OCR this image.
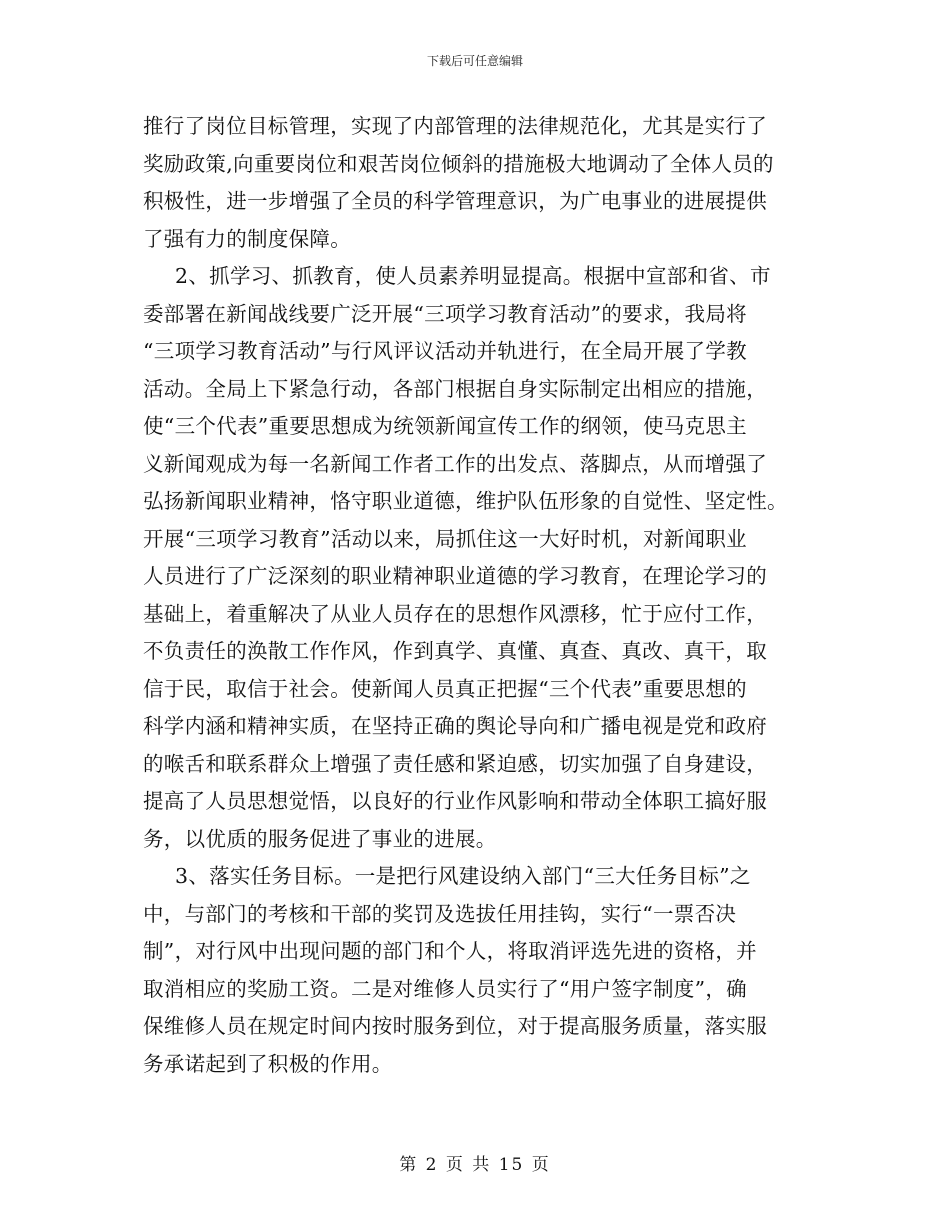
下载后可任意编辑
推行了岗位目标管理，实现了内部管理的法律规范化，尤其是实行了
奖励政策,向重要岗位和艰苦岗位倾斜的措施极大地调动了全体人员的
积极性，进一步增强了全员的科学管理意识，为广电事业的进展提供
了强有力的制度保障。
2、抓学习、抓教育，使人员素养明显提高。根据中宣部和省、市
委部署在新闻战线要广泛开展“三项学习教育活动”的要求，我局将
“三项学习教育活动”与行风评议活动并轨进行，在全局开展了学教
活动。全局上下紧急行动，各部门根据自身实际制定出相应的措施，
使“三个代表”重要思想成为统领新闻宣传工作的纲领，使马克思主
义新闻观成为每一名新闻工作者工作的出发点、落脚点，从而增强了
弘扬新闻职业精神，恪守职业道德，维护队伍形象的自觉性、坚定性。
开展“三项学习教育”活动以来，局抓住这一大好时机，对新闻职业
人员进行了广泛深刻的职业精神职业道德的学习教育，在理论学习的
基础上，着重解决了从业人员存在的思想作风漂移，忙于应付工作，
不负责任的涣散工作作风，作到真学、真懂、真查、真改、真干，取
信于民，取信于社会。使新闻人员真正把握“三个代表”重要思想的
科学内涵和精神实质，在坚持正确的舆论导向和广播电视是党和政府
的喉舌和联系群众上增强了责任感和紧迫感，切实加强了自身建设，
提高了人员思想觉悟，以良好的行业作风影响和带动全体职工搞好服
务，以优质的服务促进了事业的进展。
3、落实任务目标。一是把行风建设纳入部门“三大任务目标”之
中，与部门的考核和干部的奖罚及选拔任用挂钩，实行“一票否决
制”，对行风中出现问题的部门和个人，将取消评选先进的资格，并
取消相应的奖励工资。二是对维修人员实行了“用户签字制度”，确
保维修人员在规定时间内按时服务到位，对于提高服务质量，落实服
务承诺起到了积极的作用。
第 2 页 共 15 页
